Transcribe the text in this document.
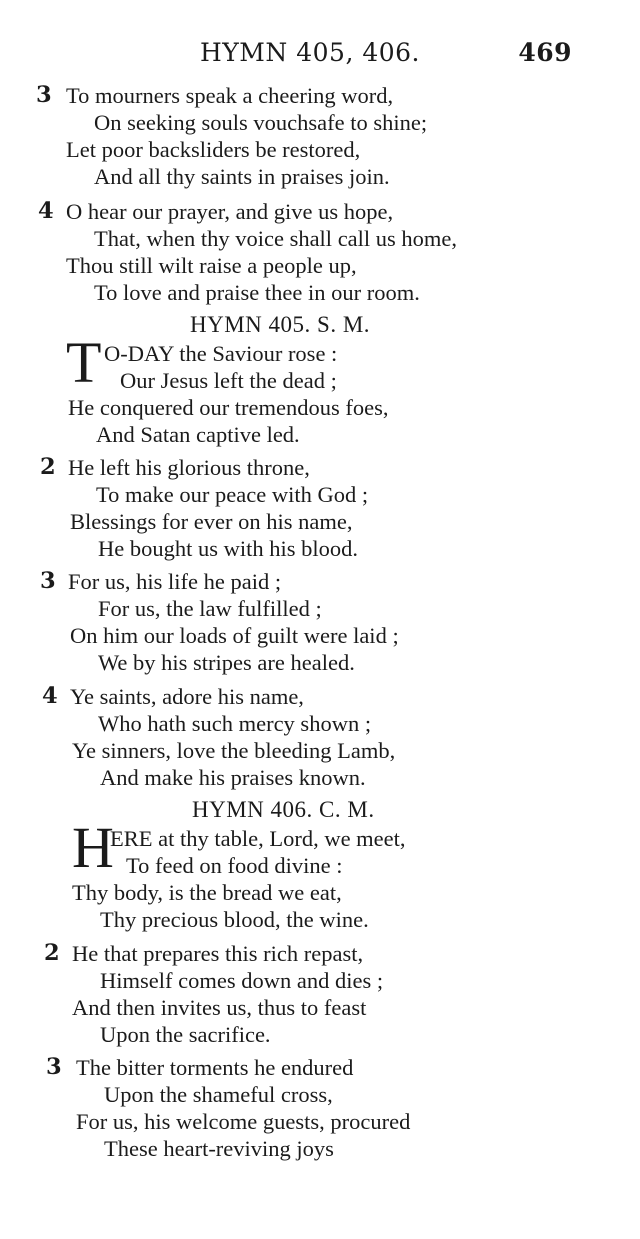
HYMN 405, 406.	469
3 To mourners speak a cheering word,
On seeking souls vouchsafe to shine;
Let poor backsliders be restored,
And all thy saints in praises join.
4 O hear our prayer, and give us hope,
That, when thy voice shall call us home,
Thou still wilt raise a people up,
To love and praise thee in our room.
HYMN 405. S. M.
T O-DAY the Saviour rose :
Our Jesus left the dead ;
He conquered our tremendous foes,
And Satan captive led.
2 He left his glorious throne,
To make our peace with God ;
Blessings for ever on his name,
He bought us with his blood.
3 For us, his life he paid ;
For us, the law fulfilled ;
On him our loads of guilt were laid ;
We by his stripes are healed.
4 Ye saints, adore his name,
Who hath such mercy shown ;
Ye sinners, love the bleeding Lamb,
And make his praises known.
HYMN 406. C. M.
H
ERE at thy table, Lord, we meet,
To feed on food divine :
Thy body, is the bread we eat,
Thy precious blood, the wine.
2 He that prepares this rich repast,
Himself comes down and dies ;
And then invites us, thus to feast
Upon the sacrifice.
3 The bitter torments he endured
Upon the shameful cross,
For us, his welcome guests, procured
These heart-reviving joys
